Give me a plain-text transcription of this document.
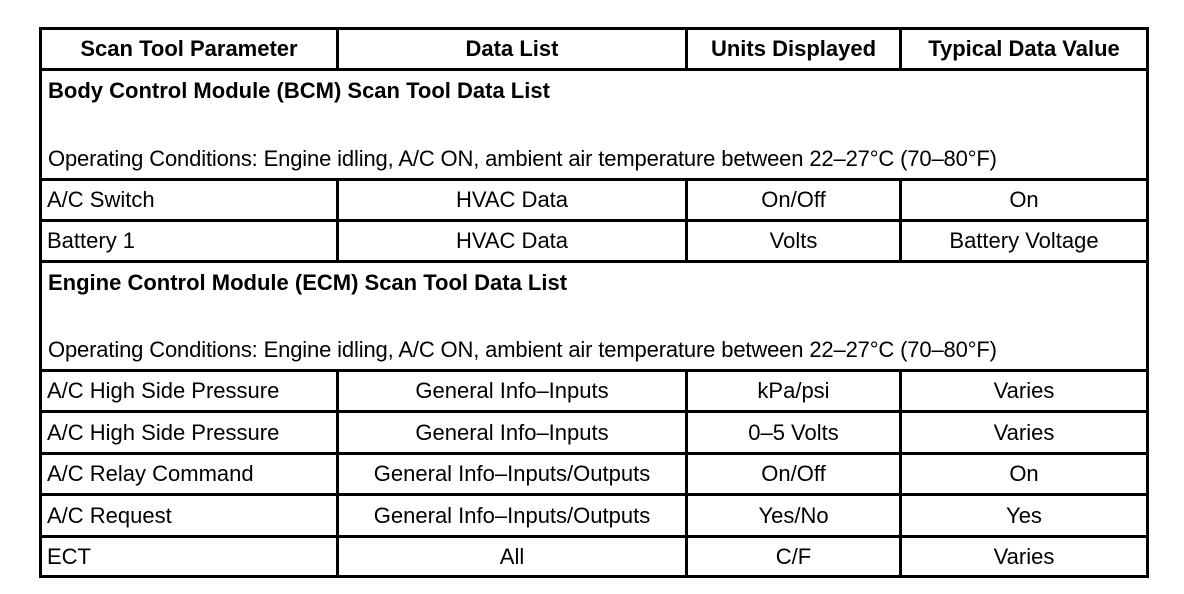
Scan Tool Parameter	Data List	Units Displayed	Typical Data Value
Body Control Module (BCM) Scan Tool Data List
Operating Conditions: Engine idling, A/C ON, ambient air temperature between 22–27°C (70–80°F)
A/C Switch	HVAC Data	On/Off	On
Battery 1	HVAC Data	Volts	Battery Voltage
Engine Control Module (ECM) Scan Tool Data List
Operating Conditions: Engine idling, A/C ON, ambient air temperature between 22–27°C (70–80°F)
A/C High Side Pressure	General Info–Inputs	kPa/psi	Varies
A/C High Side Pressure	General Info–Inputs	0–5 Volts	Varies
A/C Relay Command	General Info–Inputs/Outputs	On/Off	On
A/C Request	General Info–Inputs/Outputs	Yes/No	Yes
ECT	All	C/F	Varies
